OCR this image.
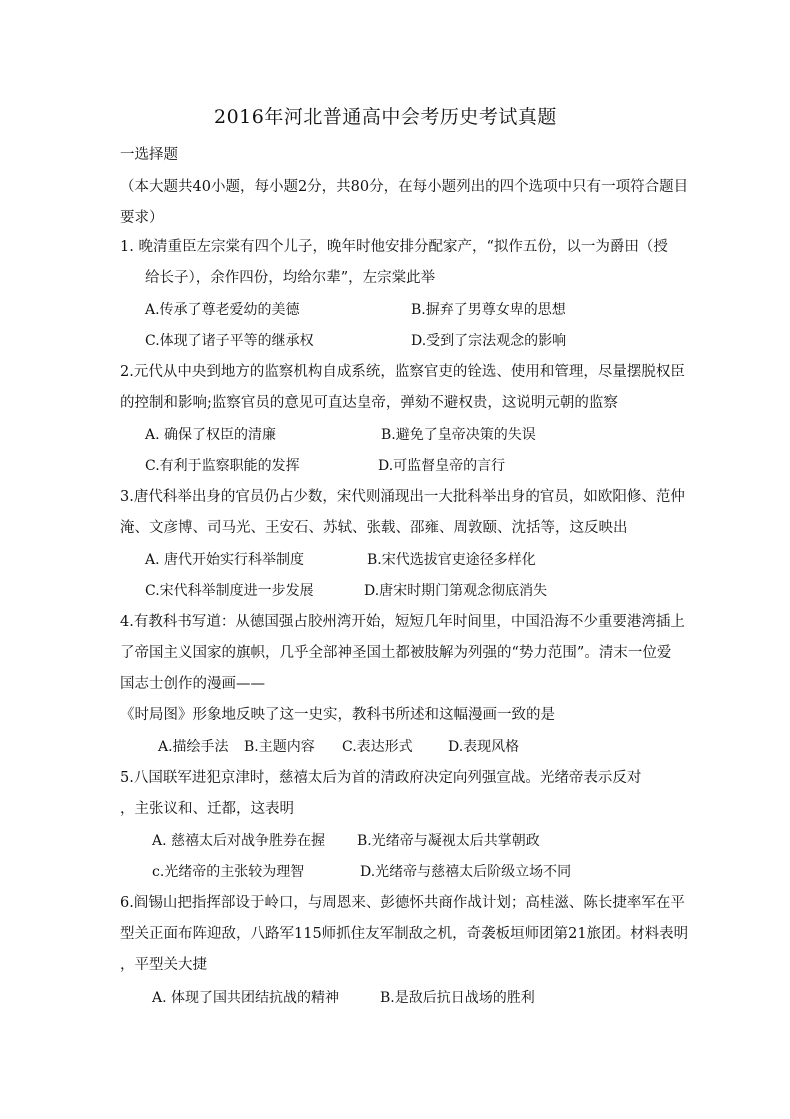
2016年河北普通高中会考历史考试真题
一选择题
（本大题共40小题，每小题2分，共80分，在每小题列出的四个选项中只有一项符合题目
要求）
1. 晚清重臣左宗棠有四个儿子，晚年时他安排分配家产，“拟作五份，以一为爵田（授
给长子），余作四份，均给尔辈”，左宗棠此举
A.传承了尊老爱幼的美德	B.摒弃了男尊女卑的思想
C.体现了诸子平等的继承权	D.受到了宗法观念的影响
2.元代从中央到地方的监察机构自成系统，监察官吏的铨选、使用和管理，尽量摆脱权臣
的控制和影响;监察官员的意见可直达皇帝，弹劾不避权贵，这说明元朝的监察
A. 确保了权臣的清廉	B.避免了皇帝决策的失误
C.有利于监察职能的发挥	D.可监督皇帝的言行
3.唐代科举出身的官员仍占少数，宋代则涌现出一大批科举出身的官员，如欧阳修、范仲
淹、文彦博、司马光、王安石、苏轼、张载、邵雍、周敦颐、沈括等，这反映出
A. 唐代开始实行科举制度	B.宋代选拔官吏途径多样化
C.宋代科举制度进一步发展	D.唐宋时期门第观念彻底消失
4.有教科书写道：从德国强占胶州湾开始，短短几年时间里，中国沿海不少重要港湾插上
了帝国主义国家的旗帜，几乎全部神圣国土都被肢解为列强的“势力范围”。清末一位爱
国志士创作的漫画——
《时局图》形象地反映了这一史实，教科书所述和这幅漫画一致的是
A.描绘手法 B.主题内容 C.表达形式	D.表现风格
5.八国联军进犯京津时，慈禧太后为首的清政府决定向列强宣战。光绪帝表示反对
，主张议和、迁都，这表明
A. 慈禧太后对战争胜券在握 B.光绪帝与凝视太后共掌朝政
c.光绪帝的主张较为理智	D.光绪帝与慈禧太后阶级立场不同
6.阎锡山把指挥部设于岭口，与周恩来、彭德怀共商作战计划；高桂滋、陈长捷率军在平
型关正面布阵迎敌，八路军115师抓住友军制敌之机，奇袭板垣师团第21旅团。材料表明
，平型关大捷
A. 体现了国共团结抗战的精神	B.是敌后抗日战场的胜利
